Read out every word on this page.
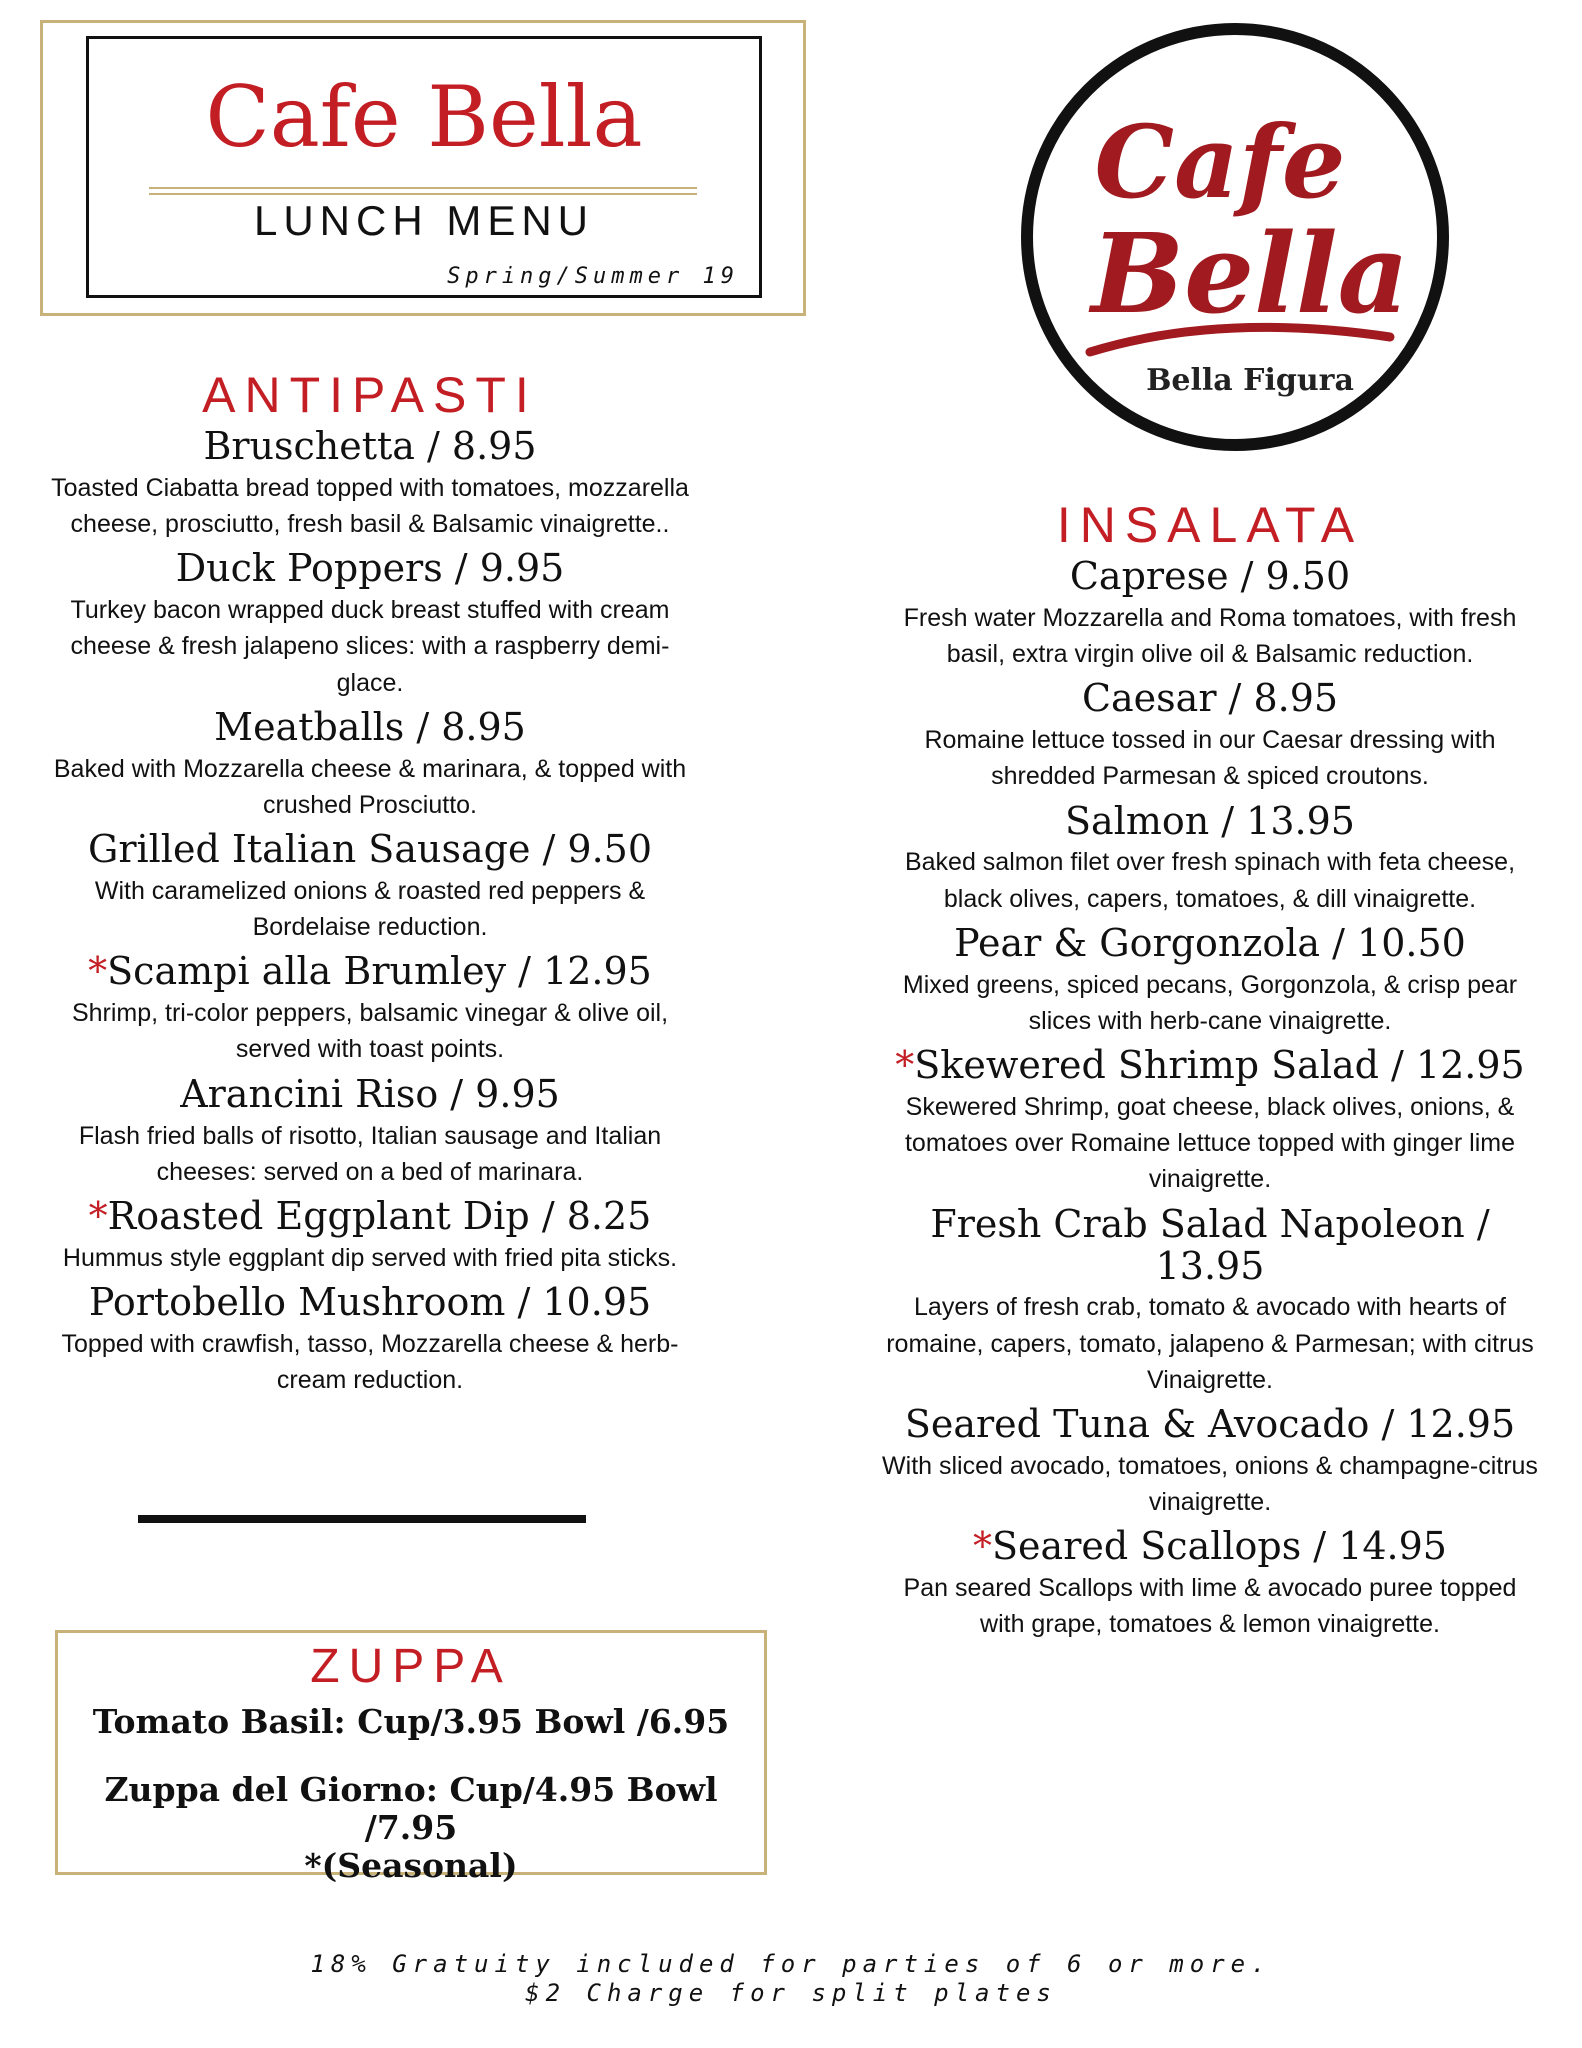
Cafe Bella
LUNCH MENU
Spring/Summer 19
Cafe
Bella
Bella Figura
ANTIPASTI
Bruschetta / 8.95
Toasted Ciabatta bread topped with tomatoes, mozzarella cheese, prosciutto, fresh basil & Balsamic vinaigrette..
Duck Poppers / 9.95
Turkey bacon wrapped duck breast stuffed with cream cheese & fresh jalapeno slices: with a raspberry demi-glace.
Meatballs / 8.95
Baked with Mozzarella cheese & marinara, & topped with crushed Prosciutto.
Grilled Italian Sausage / 9.50
With caramelized onions & roasted red peppers & Bordelaise reduction.
*Scampi alla Brumley / 12.95
Shrimp, tri-color peppers, balsamic vinegar & olive oil, served with toast points.
Arancini Riso / 9.95
Flash fried balls of risotto, Italian sausage and Italian cheeses: served on a bed of marinara.
*Roasted Eggplant Dip / 8.25
Hummus style eggplant dip served with fried pita sticks.
Portobello Mushroom / 10.95
Topped with crawfish, tasso, Mozzarella cheese & herb-cream reduction.
INSALATA
Caprese / 9.50
Fresh water Mozzarella and Roma tomatoes, with fresh basil, extra virgin olive oil & Balsamic reduction.
Caesar / 8.95
Romaine lettuce tossed in our Caesar dressing with shredded Parmesan & spiced croutons.
Salmon / 13.95
Baked salmon filet over fresh spinach with feta cheese, black olives, capers, tomatoes, & dill vinaigrette.
Pear & Gorgonzola / 10.50
Mixed greens, spiced pecans, Gorgonzola, & crisp pear slices with herb-cane vinaigrette.
*Skewered Shrimp Salad / 12.95
Skewered Shrimp, goat cheese, black olives, onions, & tomatoes over Romaine lettuce topped with ginger lime vinaigrette.
Fresh Crab Salad Napoleon / 13.95
Layers of fresh crab, tomato & avocado with hearts of romaine, capers, tomato, jalapeno & Parmesan; with citrus Vinaigrette.
Seared Tuna & Avocado / 12.95
With sliced avocado, tomatoes, onions & champagne-citrus vinaigrette.
*Seared Scallops / 14.95
Pan seared Scallops with lime & avocado puree topped with grape, tomatoes & lemon vinaigrette.
ZUPPA
Tomato Basil: Cup/3.95 Bowl /6.95
Zuppa del Giorno: Cup/4.95 Bowl /7.95
*(Seasonal)
18% Gratuity included for parties of 6 or more.
$2 Charge for split plates
